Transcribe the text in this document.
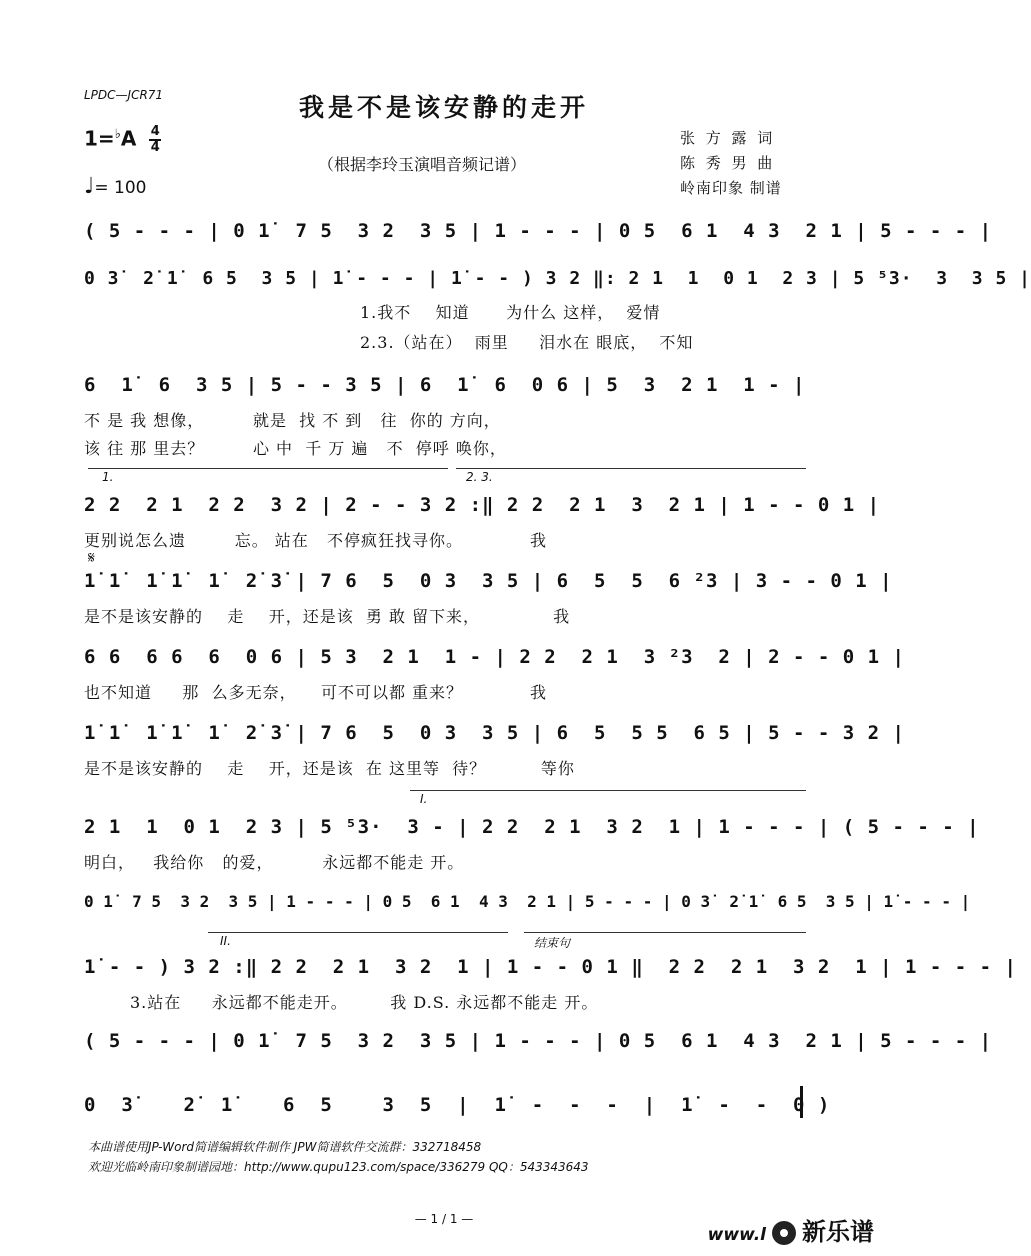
LPDC—JCR71	我是不是该安静的走开
$1=^♭A \frac{4}{4}$
♩= 100
（根据李玲玉演唱音频记谱）
张 方 露 词
陈 秀 男 曲
岭南印象 制谱
( 5 - - - | 0 1̇  7 5  3 2  3 5 | 1 - - - | 0 5  6 1  4 3  2 1 | 5 - - - |
0 3̇  2̇ 1̇  6 5  3 5 | 1̇ - - - | 1̇ - - ) 3 2 ‖: 2 1  1  0 1  2 3 | 5 ⁵3·  3  3 5 |
1.我不    知道      为什么 这样，  爱情
2.3.（站在）  雨里     泪水在 眼底，  不知
6  1̇  6  3 5 | 5 - - 3 5 | 6  1̇  6  0 6 | 5  3  2 1  1 - |
不 是 我 想像，        就是  找 不 到   往  你的 方向，
该 往 那 里去？        心 中  千 万 遍   不  停呼 唤你，
1.	2. 3.
2 2  2 1  2 2  3 2 | 2 - - 3 2 :‖ 2 2  2 1  3  2 1 | 1 - - 0 1 |
更别说怎么遗        忘。 站在   不停疯狂找寻你。           我
𝄋
1̇ 1̇  1̇ 1̇  1̇  2̇ 3̇ | 7 6  5  0 3  3 5 | 6  5  5  6 ²3 | 3 - - 0 1 |
是不是该安静的    走    开，还是该  勇 敢 留下来，            我
6 6  6 6  6  0 6 | 5 3  2 1  1 - | 2 2  2 1  3 ²3  2 | 2 - - 0 1 |
也不知道     那  么多无奈，    可不可以都 重来？           我
1̇ 1̇  1̇ 1̇  1̇  2̇ 3̇ | 7 6  5  0 3  3 5 | 6  5  5 5  6 5 | 5 - - 3 2 |
是不是该安静的    走    开，还是该  在 这里等  待？         等你
I.
2 1  1  0 1  2 3 | 5 ⁵3·  3 - | 2 2  2 1  3 2  1 | 1 - - - | ( 5 - - - |
明白，   我给你   的爱，        永远都不能走 开。
0 1̇  7 5  3 2  3 5 | 1 - - - | 0 5  6 1  4 3  2 1 | 5 - - - | 0 3̇  2̇ 1̇  6 5  3 5 | 1̇ - - - |
II.	结束句
1̇ - - ) 3 2 :‖ 2 2  2 1  3 2  1 | 1 - - 0 1 ‖  2 2  2 1  3 2  1 | 1 - - - |
3.站在     永远都不能走开。       我 D.S. 永远都不能走 开。
( 5 - - - | 0 1̇  7 5  3 2  3 5 | 1 - - - | 0 5  6 1  4 3  2 1 | 5 - - - |
0  3̇    2̇  1̇    6  5    3  5  |  1̇  -  -  -  |  1̇  -  -  0 )
本曲谱使用JP-Word简谱编辑软件制作 JPW简谱软件交流群：332718458
欢迎光临岭南印象制谱园地：http://www.qupu123.com/space/336279 QQ：543343643
— 1 / 1 —
www.l 新乐谱
